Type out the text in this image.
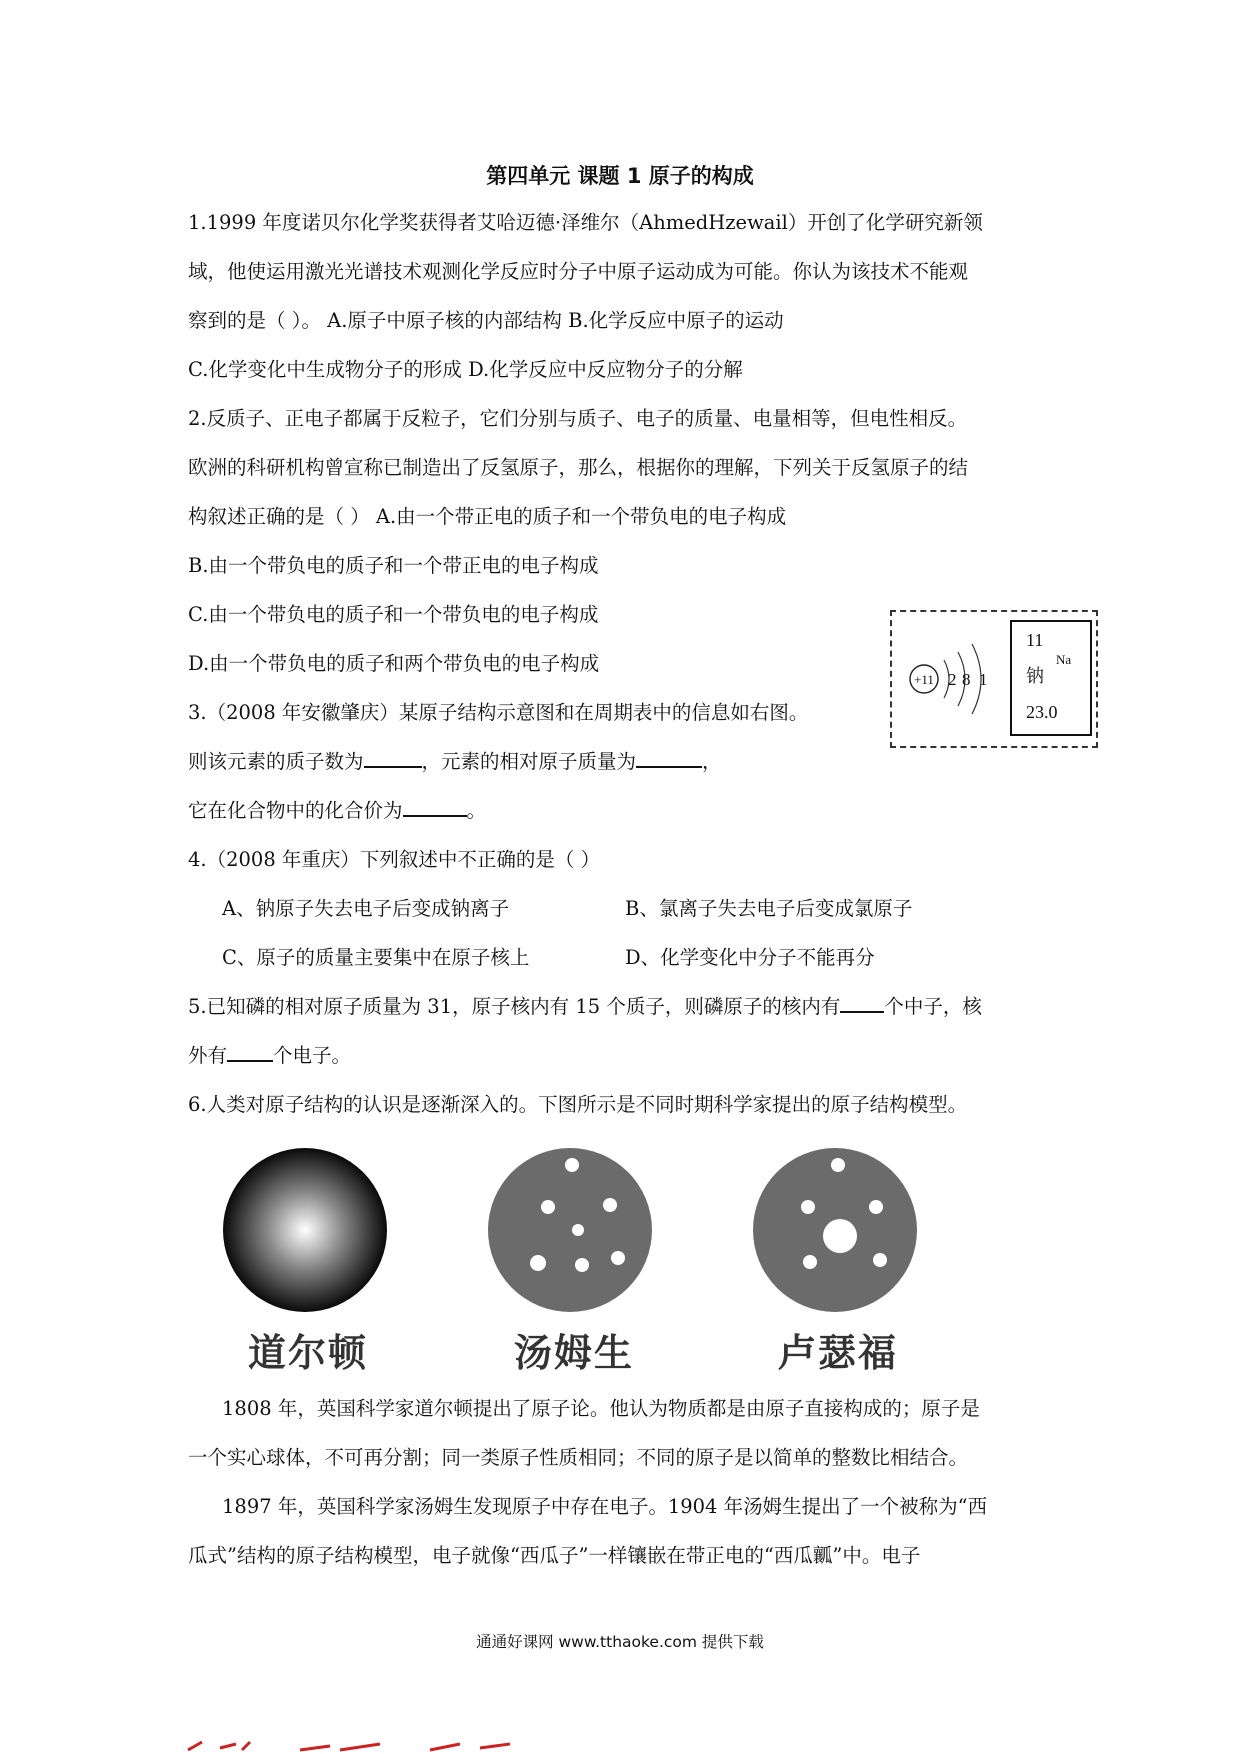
第四单元 课题 1 原子的构成
1.1999 年度诺贝尔化学奖获得者艾哈迈德·泽维尔（AhmedHzewail）开创了化学研究新领
域，他使运用激光光谱技术观测化学反应时分子中原子运动成为可能。你认为该技术不能观
察到的是（ ）。 A.原子中原子核的内部结构 B.化学反应中原子的运动
C.化学变化中生成物分子的形成 D.化学反应中反应物分子的分解
2.反质子、正电子都属于反粒子，它们分别与质子、电子的质量、电量相等，但电性相反。
欧洲的科研机构曾宣称已制造出了反氢原子，那么，根据你的理解，下列关于反氢原子的结
构叙述正确的是（ ） A.由一个带正电的质子和一个带负电的电子构成
B.由一个带负电的质子和一个带正电的电子构成
C.由一个带负电的质子和一个带负电的电子构成
D.由一个带负电的质子和两个带负电的电子构成
3.（2008 年安徽肇庆）某原子结构示意图和在周期表中的信息如右图。
则该元素的质子数为	，元素的相对原子质量为	，
它在化合物中的化合价为	。
+11 2 8 1
11
Na
钠
23.0
4.（2008 年重庆）下列叙述中不正确的是（ ）
A、钠原子失去电子后变成钠离子	B、氯离子失去电子后变成氯原子
C、原子的质量主要集中在原子核上	D、化学变化中分子不能再分
5.已知磷的相对原子质量为 31，原子核内有 15 个质子，则磷原子的核内有 个中子，核
外有 个电子。
6.人类对原子结构的认识是逐渐深入的。下图所示是不同时期科学家提出的原子结构模型。
道尔顿	汤姆生	卢瑟福
1808 年，英国科学家道尔顿提出了原子论。他认为物质都是由原子直接构成的；原子是
一个实心球体，不可再分割；同一类原子性质相同；不同的原子是以简单的整数比相结合。
1897 年，英国科学家汤姆生发现原子中存在电子。1904 年汤姆生提出了一个被称为“西
瓜式”结构的原子结构模型，电子就像“西瓜子”一样镶嵌在带正电的“西瓜瓤”中。电子
通通好课网 www.tthaoke.com 提供下载
